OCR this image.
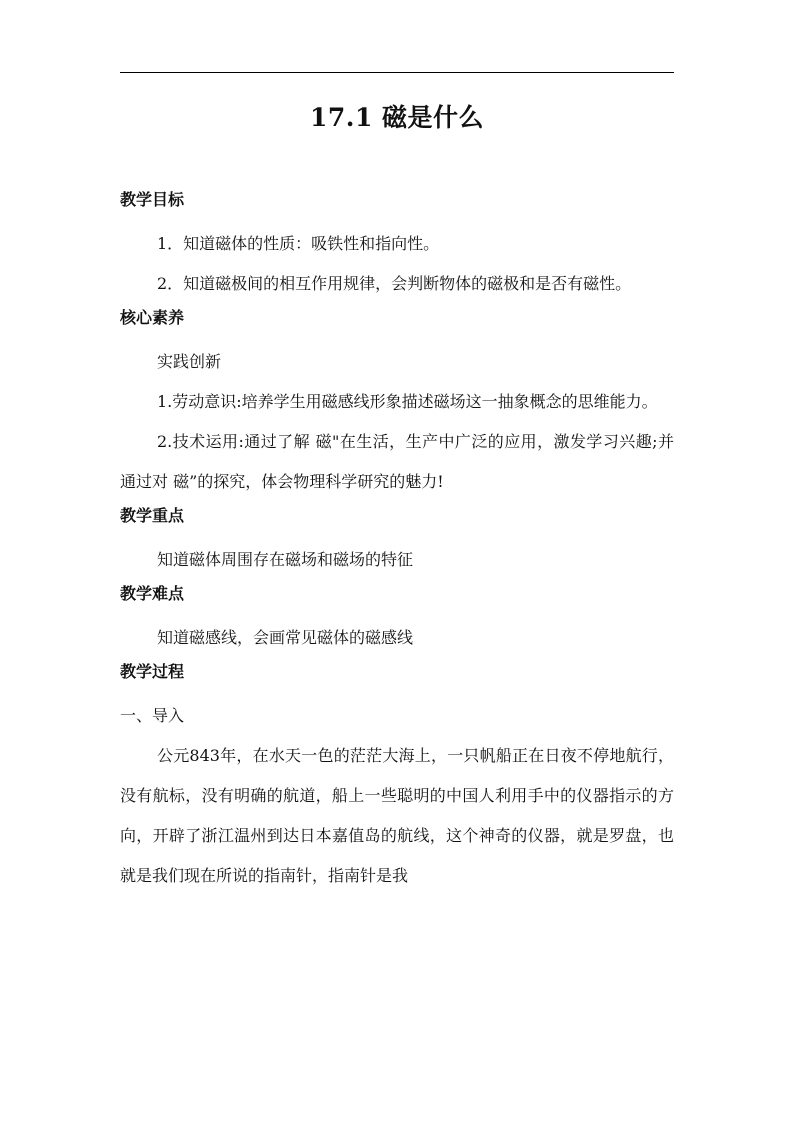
17.1 磁是什么

教学目标

1．知道磁体的性质：吸铁性和指向性。

2．知道磁极间的相互作用规律，会判断物体的磁极和是否有磁性。

核心素养

实践创新

1.劳动意识:培养学生用磁感线形象描述磁场这一抽象概念的思维能力。

2.技术运用:通过了解 磁"在生活，生产中广泛的应用，激发学习兴趣;并通过对 磁”的探究，体会物理科学研究的魅力!

教学重点

知道磁体周围存在磁场和磁场的特征

教学难点

知道磁感线，会画常见磁体的磁感线

教学过程

一、导入

公元843年，在水天一色的茫茫大海上，一只帆船正在日夜不停地航行，没有航标，没有明确的航道，船上一些聪明的中国人利用手中的仪器指示的方向，开辟了浙江温州到达日本嘉值岛的航线，这个神奇的仪器，就是罗盘，也就是我们现在所说的指南针，指南针是我
